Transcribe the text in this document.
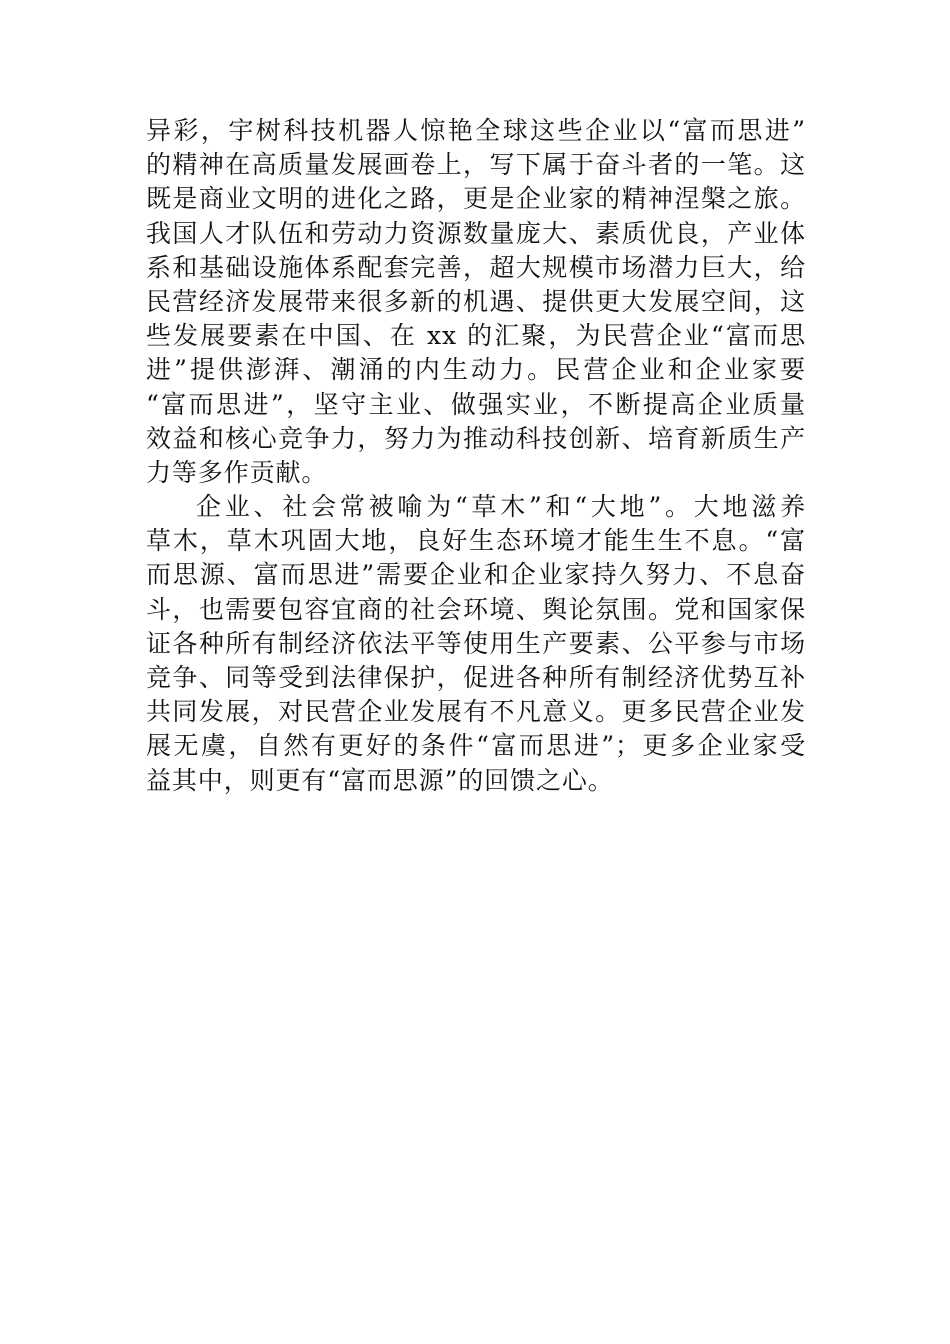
异彩，宇树科技机器人惊艳全球这些企业以“富而思进”
的精神在高质量发展画卷上，写下属于奋斗者的一笔。这
既是商业文明的进化之路，更是企业家的精神涅槃之旅。
我国人才队伍和劳动力资源数量庞大、素质优良，产业体
系和基础设施体系配套完善，超大规模市场潜力巨大，给
民营经济发展带来很多新的机遇、提供更大发展空间，这
些发展要素在中国、在 xx 的汇聚，为民营企业“富而思
进”提供澎湃、潮涌的内生动力。民营企业和企业家要
“富而思进”，坚守主业、做强实业，不断提高企业质量
效益和核心竞争力，努力为推动科技创新、培育新质生产
力等多作贡献。
企业、社会常被喻为“草木”和“大地”。大地滋养
草木，草木巩固大地，良好生态环境才能生生不息。“富
而思源、富而思进”需要企业和企业家持久努力、不息奋
斗，也需要包容宜商的社会环境、舆论氛围。党和国家保
证各种所有制经济依法平等使用生产要素、公平参与市场
竞争、同等受到法律保护，促进各种所有制经济优势互补
共同发展，对民营企业发展有不凡意义。更多民营企业发
展无虞，自然有更好的条件“富而思进”；更多企业家受
益其中，则更有“富而思源”的回馈之心。
